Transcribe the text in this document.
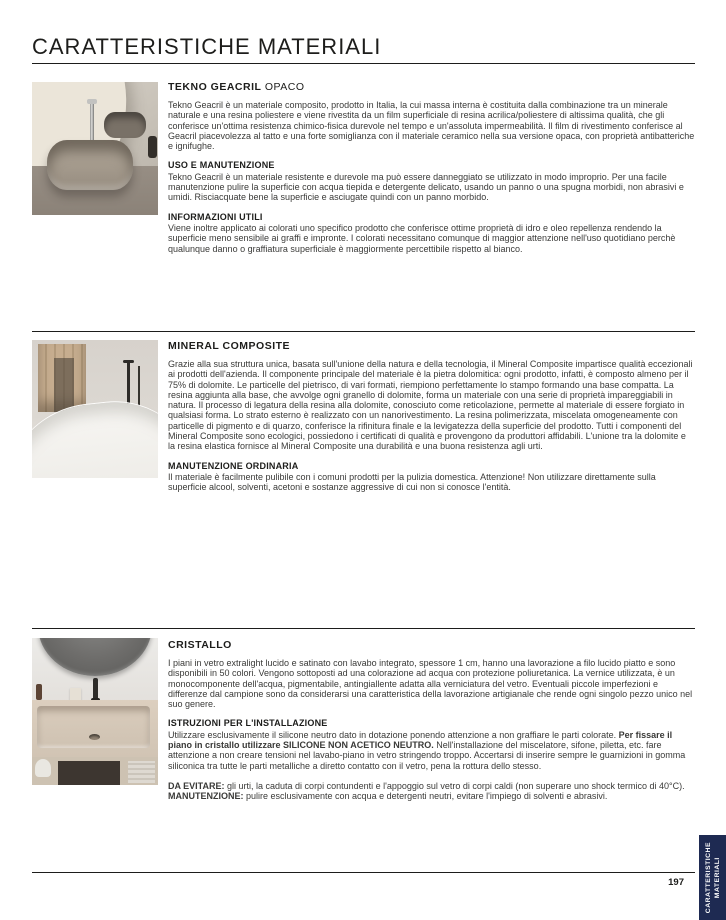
CARATTERISTICHE MATERIALI
TEKNO GEACRIL OPACO
Tekno Geacril è un materiale composito, prodotto in Italia, la cui massa interna è costituita dalla combinazione tra un minerale naturale e una resina poliestere e viene rivestita da un film superficiale di resina acrilica/poliestere di altissima qualità, che gli conferisce un'ottima resistenza chimico-fisica durevole nel tempo e un'assoluta impermeabilità. Il film di rivestimento conferisce al Geacril piacevolezza al tatto e una forte somiglianza con il materiale ceramico nella sua versione opaca, con proprietà antibatteriche e ignifughe.
USO E MANUTENZIONE
Tekno Geacril è un materiale resistente e durevole ma può essere danneggiato se utilizzato in modo improprio. Per una facile manutenzione pulire la superficie con acqua tiepida e detergente delicato, usando un panno o una spugna morbidi, non abrasivi e umidi. Risciacquate bene la superficie e asciugate quindi con un panno morbido.
INFORMAZIONI UTILI
Viene inoltre applicato ai colorati uno specifico prodotto che conferisce ottime proprietà di idro e oleo repellenza rendendo la superficie meno sensibile ai graffi e impronte. I colorati necessitano comunque di maggior attenzione nell'uso quotidiano perchè qualunque danno o graffiatura superficiale è maggiormente percettibile rispetto al bianco.
MINERAL COMPOSITE
Grazie alla sua struttura unica, basata sull'unione della natura e della tecnologia, il Mineral Composite impartisce qualità eccezionali ai prodotti dell'azienda. Il componente principale del materiale è la pietra dolomitica: ogni prodotto, infatti, è composto almeno per il 75% di dolomite. Le particelle del pietrisco, di vari formati, riempiono perfettamente lo stampo formando una base compatta. La resina aggiunta alla base, che avvolge ogni granello di dolomite, forma un materiale con una serie di proprietà impareggiabili in natura. Il processo di legatura della resina alla dolomite, conosciuto come reticolazione, permette al materiale di essere forgiato in qualsiasi forma. Lo strato esterno è realizzato con un nanorivestimento. La resina polimerizzata, miscelata omogeneamente con particelle di pigmento e di quarzo, conferisce la rifinitura finale e la levigatezza della superficie del prodotto. Tutti i componenti del Mineral Composite sono ecologici, possiedono i certificati di qualità e provengono da produttori affidabili. L'unione tra la dolomite e la resina elastica fornisce al Mineral Composite una durabilità e una buona resistenza agli urti.
MANUTENZIONE ORDINARIA
Il materiale è facilmente pulibile con i comuni prodotti per la pulizia domestica. Attenzione! Non utilizzare direttamente sulla superficie alcool, solventi, acetoni e sostanze aggressive di cui non si conosce l'entità.
CRISTALLO
I piani in vetro extralight lucido e satinato con lavabo integrato, spessore 1 cm, hanno una lavorazione a filo lucido piatto e sono disponibili in 50 colori. Vengono sottoposti ad una colorazione ad acqua con protezione poliuretanica. La vernice utilizzata, è un monocomponente dell'acqua, pigmentabile, antingiallente adatta alla verniciatura del vetro. Eventuali piccole imperfezioni e differenze dal campione sono da considerarsi una caratteristica della lavorazione artigianale che rende ogni singolo pezzo unico nel suo genere.
ISTRUZIONI PER L'INSTALLAZIONE
Utilizzare esclusivamente il silicone neutro dato in dotazione ponendo attenzione a non graffiare le parti colorate. Per fissare il piano in cristallo utilizzare SILICONE NON ACETICO NEUTRO. Nell'installazione del miscelatore, sifone, piletta, etc. fare attenzione a non creare tensioni nel lavabo-piano in vetro stringendo troppo. Accertarsi di inserire sempre le guarnizioni in gomma siliconica tra tutte le parti metalliche a diretto contatto con il vetro, pena la rottura dello stesso.
DA EVITARE: gli urti, la caduta di corpi contundenti e l'appoggio sul vetro di corpi caldi (non superare uno shock termico di 40°C).
MANUTENZIONE: pulire esclusivamente con acqua e detergenti neutri, evitare l'impiego di solventi e abrasivi.
197	CARATTERISTICHE MATERIALI
